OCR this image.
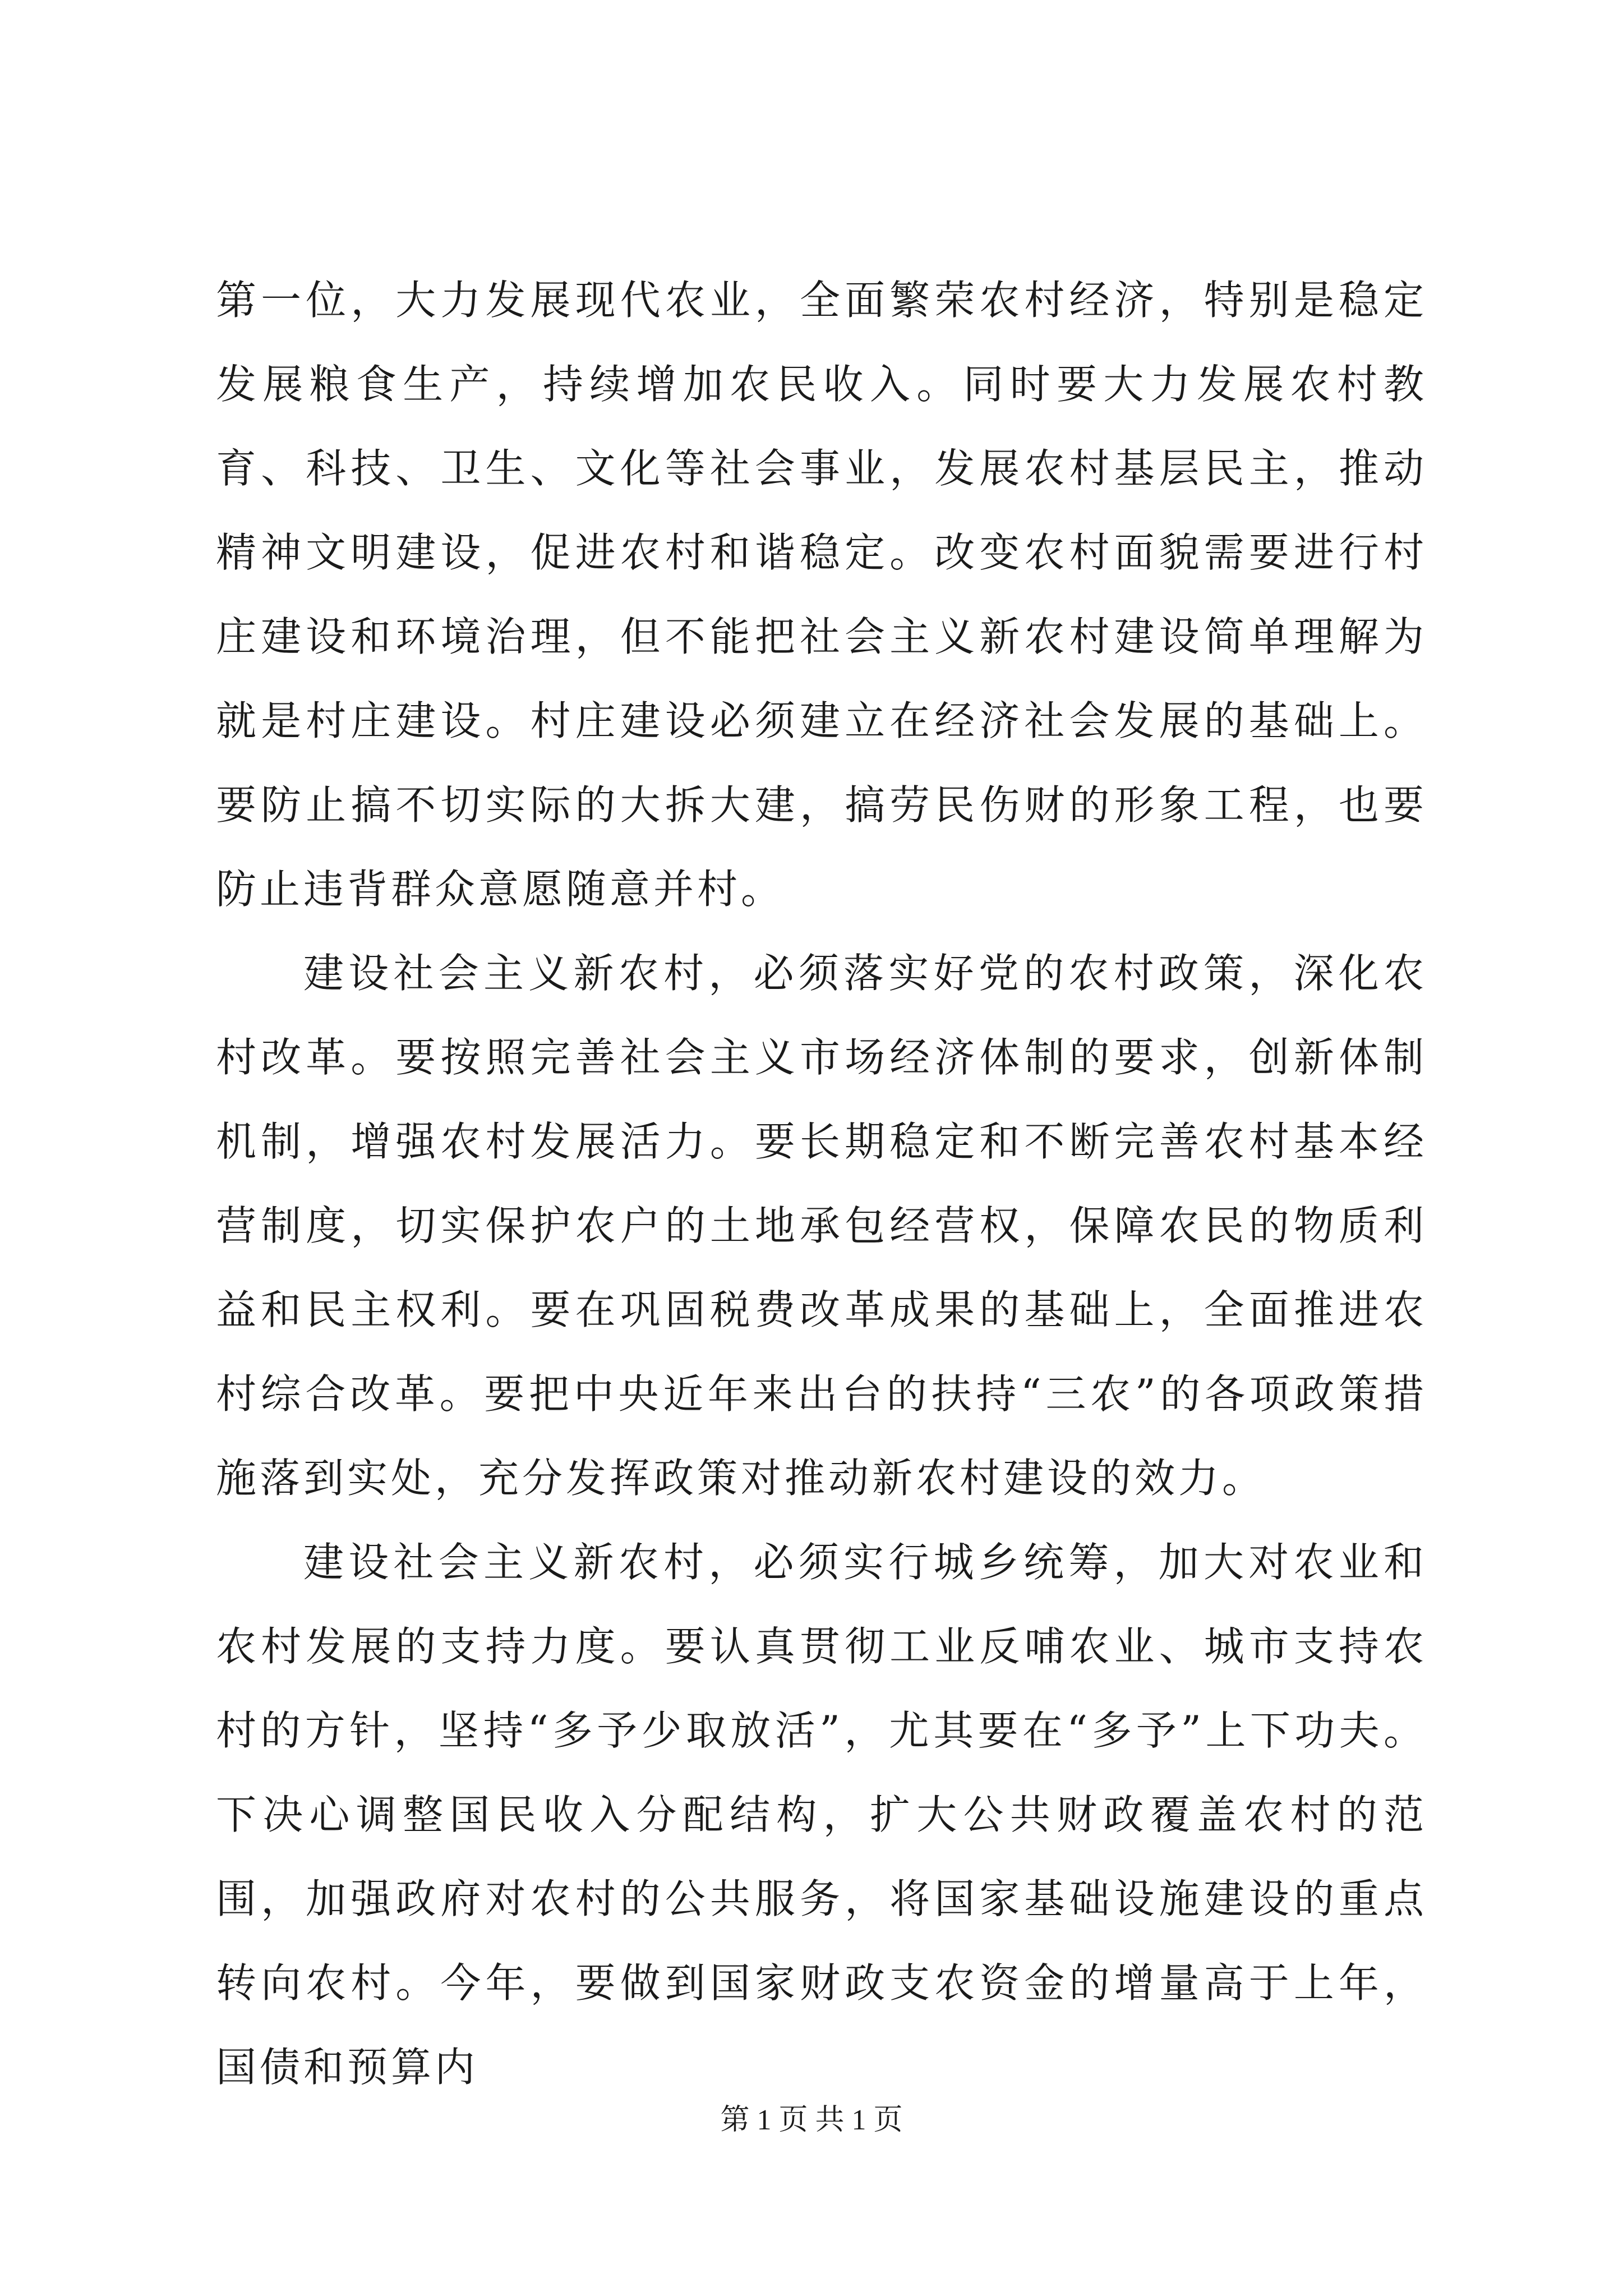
第一位，大力发展现代农业，全面繁荣农村经济，特别是稳定发展粮食生产，持续增加农民收入。同时要大力发展农村教育、科技、卫生、文化等社会事业，发展农村基层民主，推动精神文明建设，促进农村和谐稳定。改变农村面貌需要进行村庄建设和环境治理，但不能把社会主义新农村建设简单理解为就是村庄建设。村庄建设必须建立在经济社会发展的基础上。要防止搞不切实际的大拆大建，搞劳民伤财的形象工程，也要防止违背群众意愿随意并村。

建设社会主义新农村，必须落实好党的农村政策，深化农村改革。要按照完善社会主义市场经济体制的要求，创新体制机制，增强农村发展活力。要长期稳定和不断完善农村基本经营制度，切实保护农户的土地承包经营权，保障农民的物质利益和民主权利。要在巩固税费改革成果的基础上，全面推进农村综合改革。要把中央近年来出台的扶持“三农”的各项政策措施落到实处，充分发挥政策对推动新农村建设的效力。

建设社会主义新农村，必须实行城乡统筹，加大对农业和农村发展的支持力度。要认真贯彻工业反哺农业、城市支持农村的方针，坚持“多予少取放活”，尤其要在“多予”上下功夫。下决心调整国民收入分配结构，扩大公共财政覆盖农村的范围，加强政府对农村的公共服务，将国家基础设施建设的重点转向农村。今年，要做到国家财政支农资金的增量高于上年，国债和预算内

第 1 页 共 1 页
